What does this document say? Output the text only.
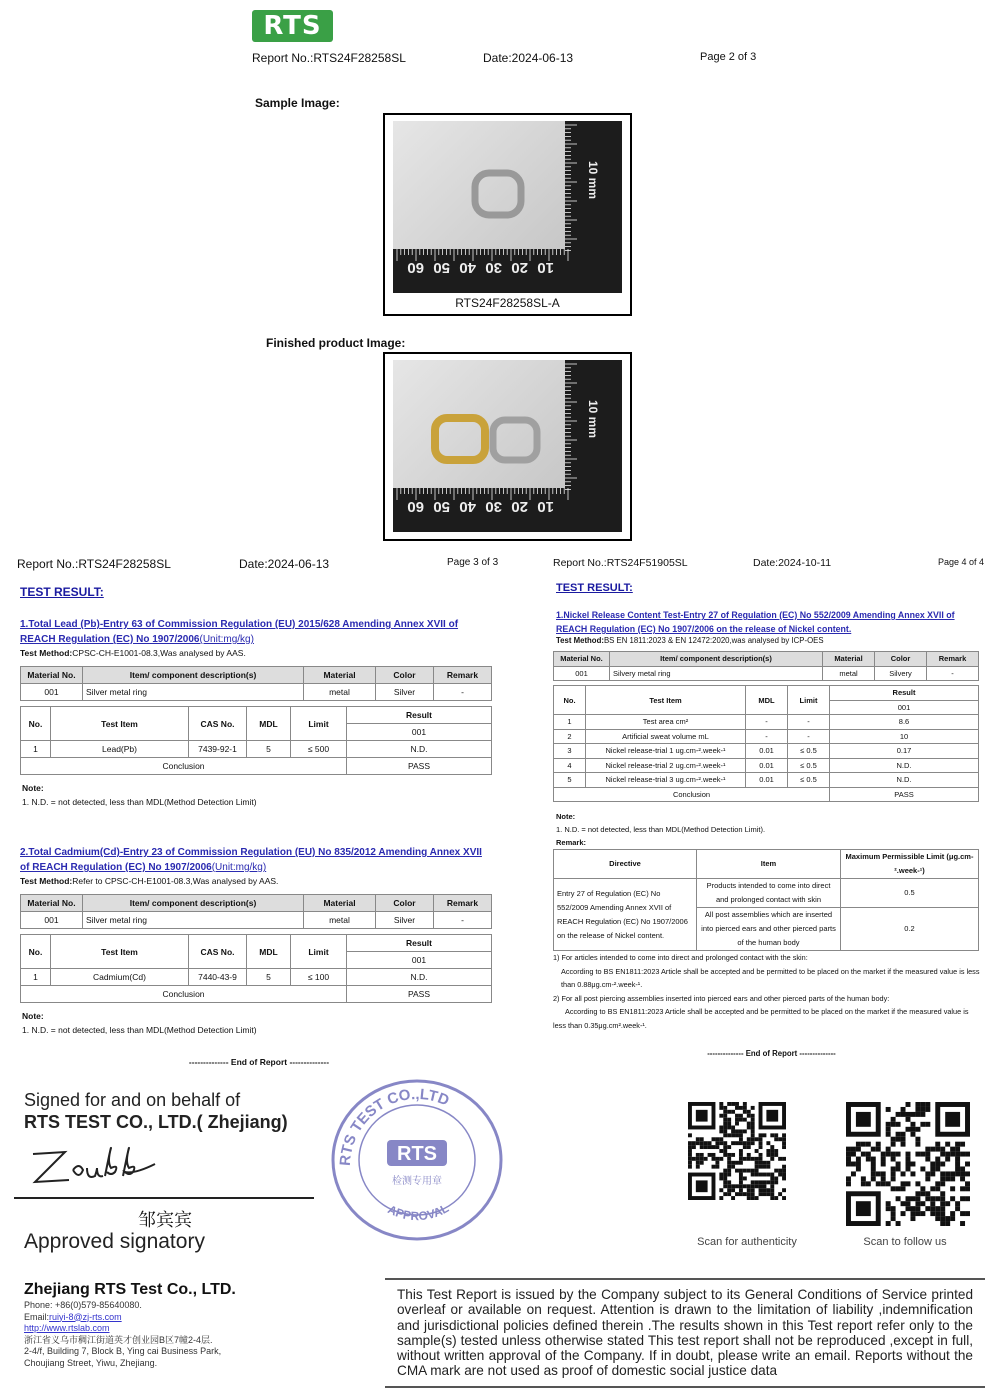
RTS
Report No.:RTS24F28258SL	Date:2024-06-13	Page 2 of 3
Sample Image:
10
20
30
40
50
60
10 mm
RTS24F28258SL-A
Finished product Image:
10
20
30
40
50
60
10 mm
Report No.:RTS24F28258SL	Date:2024-06-13	Page 3 of 3
TEST RESULT:
1.Total Lead (Pb)-Entry 63 of Commission Regulation (EU) 2015/628 Amending Annex XVII of REACH Regulation (EC) No 1907/2006(Unit:mg/kg)
Test Method:CPSC-CH-E1001-08.3,Was analysed by AAS.
Material No.	Item/ component description(s)	Material	Color	Remark
001	Silver metal ring	metal	Silver	-
No.	Test Item	CAS No.	MDL	Limit	Result
					001
1	Lead(Pb)	7439-92-1	5	≤ 500	N.D.
Conclusion					PASS
Note:
1. N.D. = not detected, less than MDL(Method Detection Limit)
2.Total Cadmium(Cd)-Entry 23 of Commission Regulation (EU) No 835/2012 Amending Annex XVII of REACH Regulation (EC) No 1907/2006(Unit:mg/kg)
Test Method:Refer to CPSC-CH-E1001-08.3,Was analysed by AAS.
Material No.	Item/ component description(s)	Material	Color	Remark
001	Silver metal ring	metal	Silver	-
No.	Test Item	CAS No.	MDL	Limit	Result
					001
1	Cadmium(Cd)	7440-43-9	5	≤ 100	N.D.
Conclusion					PASS
Note:
1. N.D. = not detected, less than MDL(Method Detection Limit)
-------------- End of Report --------------
Report No.:RTS24F51905SL	Date:2024-10-11	Page 4 of 4
TEST RESULT:
1.Nickel Release Content Test-Entry 27 of Regulation (EC) No 552/2009 Amending Annex XVII of REACH Regulation (EC) No 1907/2006 on the release of Nickel content.
Test Method:BS EN 1811:2023 & EN 12472:2020,was analysed by ICP-OES
Material No.	Item/ component description(s)	Material	Color	Remark
001	Silvery metal ring	metal	Silvery	-
No.	Test Item	MDL	Limit	Result
				001
1	Test area cm²	-	-	8.6
2	Artificial sweat volume mL	-	-	10
3	Nickel release-trial 1 ug.cm-².week-¹	0.01	≤ 0.5	0.17
4	Nickel release-trial 2 ug.cm-².week-¹	0.01	≤ 0.5	N.D.
5	Nickel release-trial 3 ug.cm-².week-¹	0.01	≤ 0.5	N.D.
Conclusion				PASS
Note:
1. N.D. = not detected, less than MDL(Method Detection Limit).
Remark:
Directive	Item	Maximum Permissible Limit (μg.cm-².week-¹)
Entry 27 of Regulation (EC) No 552/2009 Amending Annex XVII of REACH Regulation (EC) No 1907/2006 on the release of Nickel content.	Products intended to come into direct and prolonged contact with skin	0.5
	All post assemblies which are inserted into pierced ears and other pierced parts of the human body	0.2
1) For articles intended to come into direct and prolonged contact with the skin:
According to BS EN1811:2023 Article shall be accepted and be permitted to be placed on the market if the measured value is less than 0.88μg.cm-².week-¹.
2) For all post piercing assemblies inserted into pierced ears and other pierced parts of the human body:
According to BS EN1811:2023 Article shall be accepted and be permitted to be placed on the market if the measured value is less than 0.35μg.cm².week-¹.
-------------- End of Report --------------
Signed for and on behalf of
RTS TEST CO., LTD.( Zhejiang)
邹宾宾
Approved signatory
RTS TEST CO.,LTD
APPROVAL
RTS
检测专用章
Scan for authenticity	Scan to follow us
Zhejiang RTS Test Co., LTD.
Phone: +86(0)579-85640080.
Email:ruiyi-8@zj-rts.com
http://www.rtslab.com
浙江省义乌市稠江街道英才创业园B区7幢2-4层.
2-4/f, Building 7, Block B, Ying cai Business Park,
Choujiang Street, Yiwu, Zhejiang.
This Test Report is issued by the Company subject to its General Conditions of Service printed overleaf or available on request. Attention is drawn to the limitation of liability ,indemnification and jurisdictional policies defined therein .The results shown in this Test report refer only to the sample(s) tested unless otherwise stated This test report shall not be reproduced ,except in full, without written approval of the Company. If in doubt, please write an email. Reports without the CMA mark are not used as proof of domestic social justice data
